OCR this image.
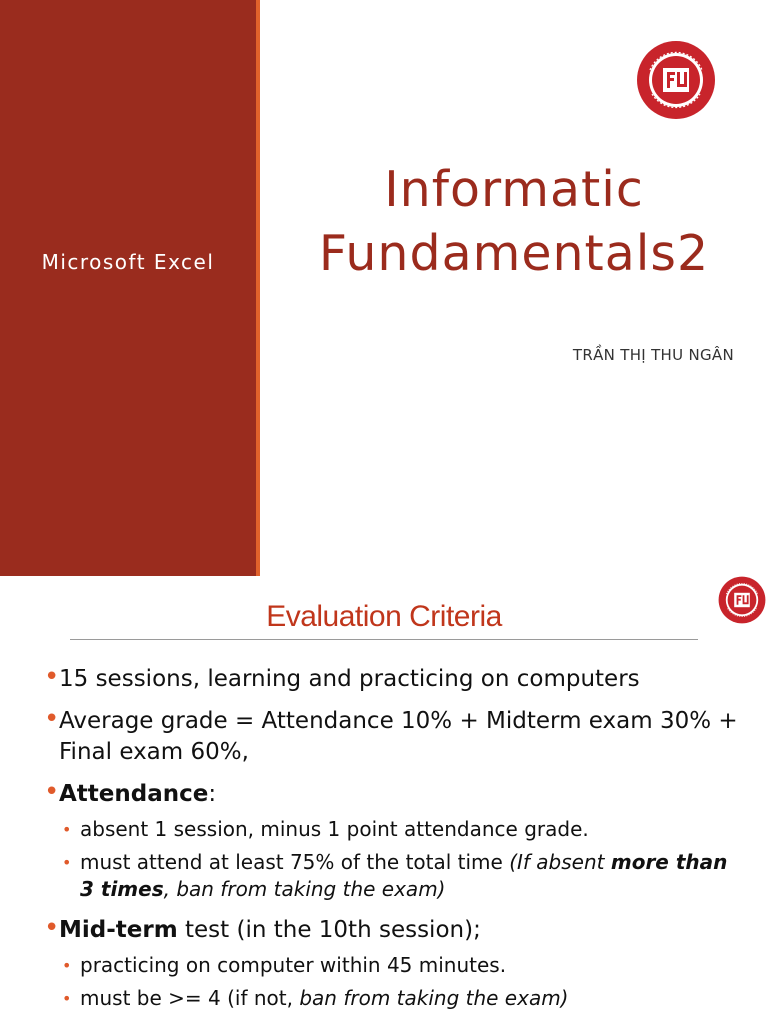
Microsoft Excel
Informatic
Fundamentals2
TRẦN THỊ THU NGÂN
Evaluation Criteria
• 15 sessions, learning and practicing on computers
• Average grade = Attendance 10% + Midterm exam 30% + Final exam 60%,
• Attendance:
• absent 1 session, minus 1 point attendance grade.
• must attend at least 75% of the total time (If absent more than 3 times, ban from taking the exam)
• Mid-term test (in the 10th session);
• practicing on computer within 45 minutes.
• must be >= 4 (if not, ban from taking the exam)
